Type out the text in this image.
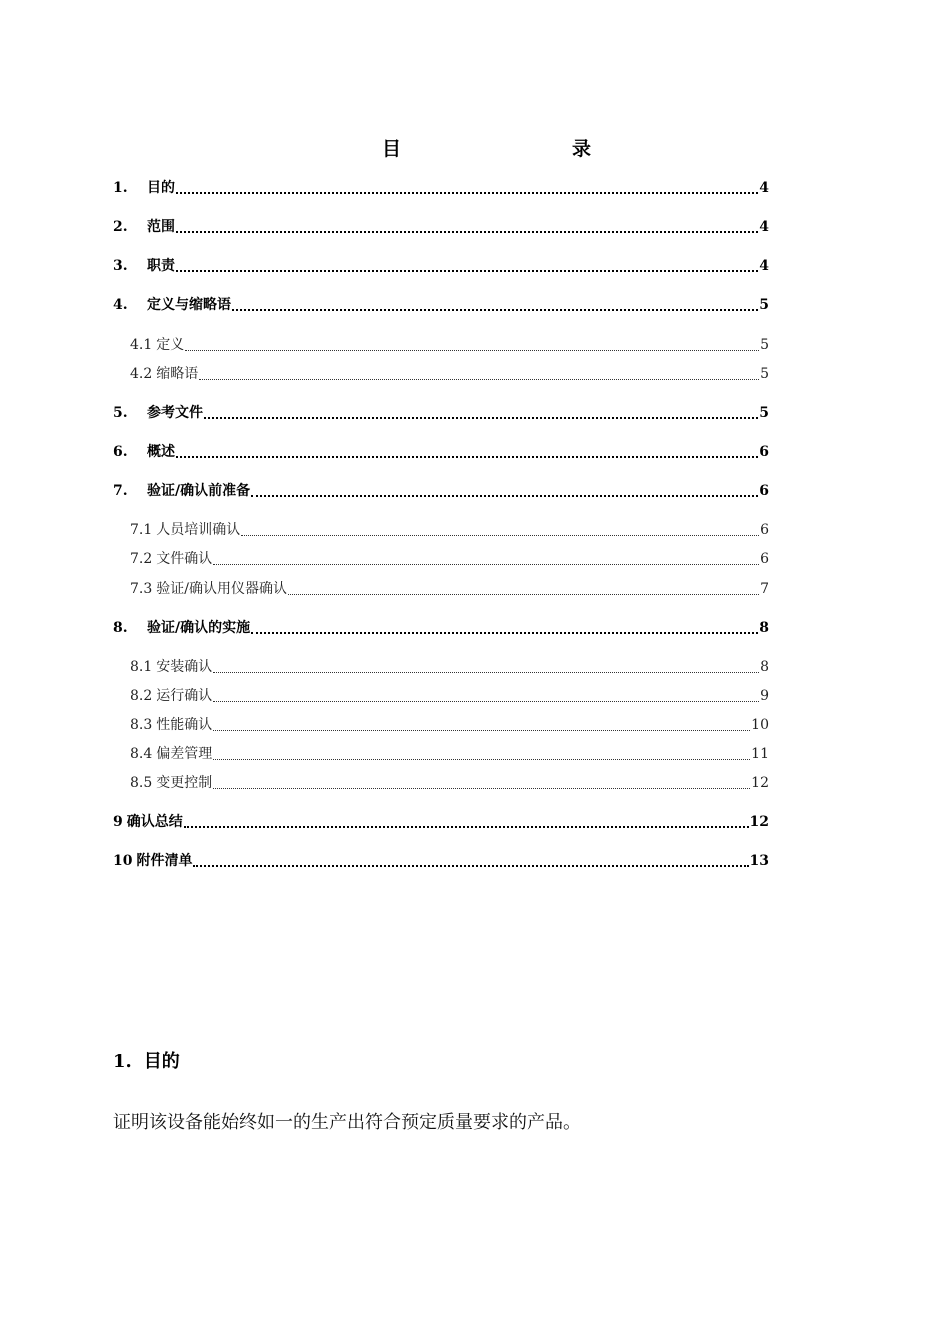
目	录
1.	目的	4
2.	范围	4
3.	职责	4
4.	定义与缩略语	5
4.1 定义	5
4.2 缩略语	5
5.	参考文件	5
6.	概述	6
7.	验证/确认前准备	6
7.1 人员培训确认	6
7.2 文件确认	6
7.3 验证/确认用仪器确认	7
8.	验证/确认的实施	8
8.1 安装确认	8
8.2 运行确认	9
8.3 性能确认	10
8.4 偏差管理	11
8.5 变更控制	12
9 确认总结	12
10 附件清单	13
1. 目的
证明该设备能始终如一的生产出符合预定质量要求的产品。
